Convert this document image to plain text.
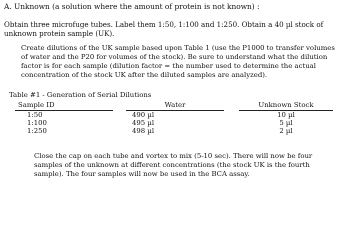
A. Unknown (a solution where the amount of protein is not known) :
Obtain three microfuge tubes. Label them 1:50, 1:100 and 1:250. Obtain a 40 µl stock of unknown protein sample (UK).
Create dilutions of the UK sample based upon Table 1 (use the P1000 to transfer volumes of water and the P20 for volumes of the stock). Be sure to understand what the dilution factor is for each sample (dilution factor = the number used to determine the actual concentration of the stock UK after the diluted samples are analyzed).
Table #1 - Generation of Serial Dilutions
Sample ID
1:50
1:100
1:250
Water
490 µl
495 µl
498 µl
Unknown Stock
10 µl
5 µl
2 µl
Close the cap on each tube and vortex to mix (5-10 sec). There will now be four samples of the unknown at different concentrations (the stock UK is the fourth sample). The four samples will now be used in the BCA assay.
